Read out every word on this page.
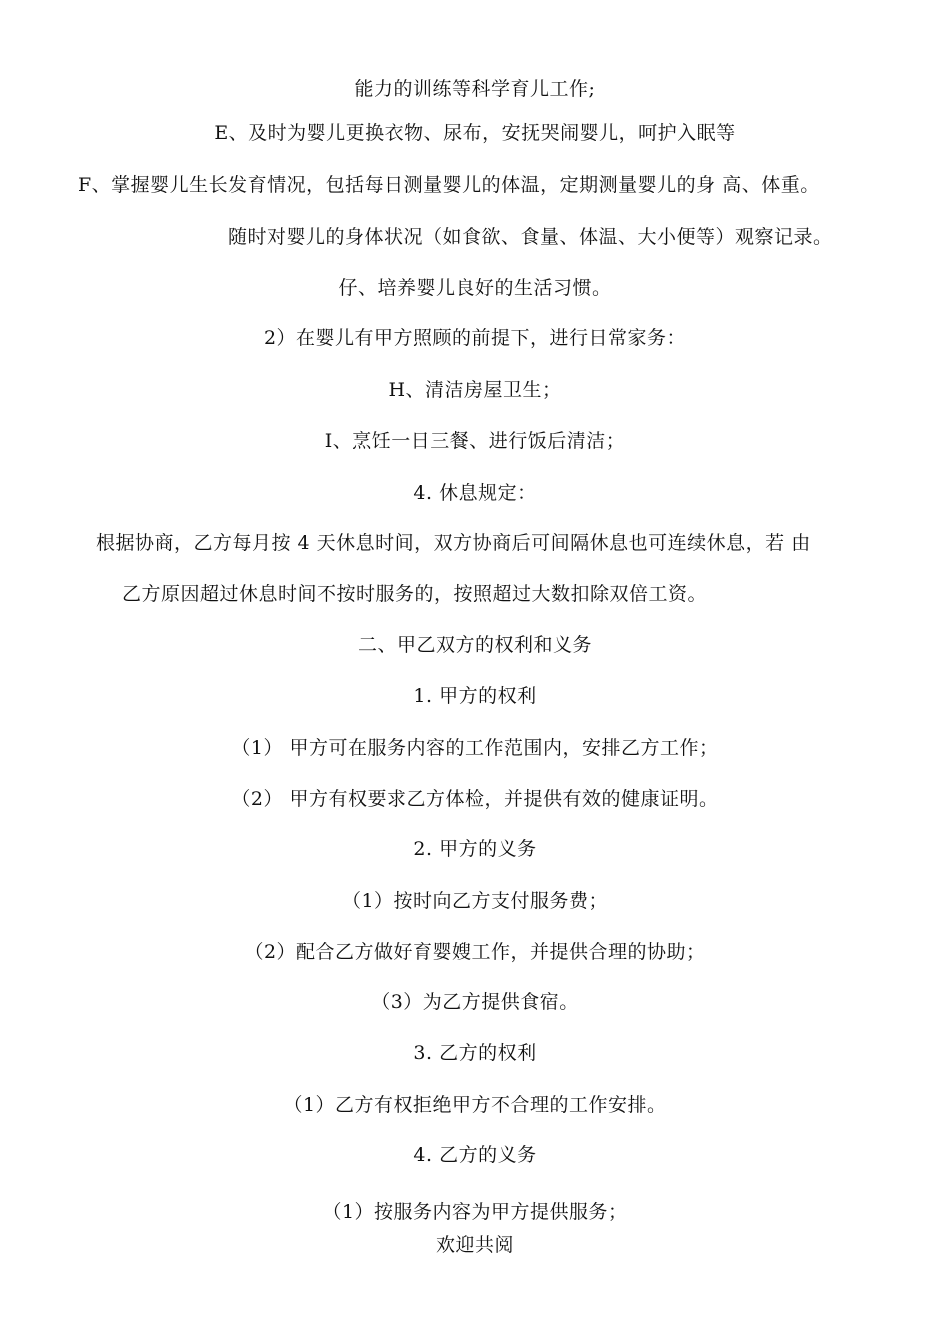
能力的训练等科学育儿工作;
E、及时为婴儿更换衣物、尿布，安抚哭闹婴儿，呵护入眠等
F、掌握婴儿生长发育情况，包括每日测量婴儿的体温，定期测量婴儿的身 高、体重。
随时对婴儿的身体状况（如食欲、食量、体温、大小便等）观察记录。
仔、培养婴儿良好的生活习惯。
2）在婴儿有甲方照顾的前提下，进行日常家务：
H、清洁房屋卫生；
I、烹饪一日三餐、进行饭后清洁；
4. 休息规定：
根据协商，乙方每月按 4 天休息时间，双方协商后可间隔休息也可连续休息，若 由
乙方原因超过休息时间不按时服务的，按照超过大数扣除双倍工资。
二、甲乙双方的权利和义务
1. 甲方的权利
（1） 甲方可在服务内容的工作范围内，安排乙方工作；
（2） 甲方有权要求乙方体检，并提供有效的健康证明。
2. 甲方的义务
（1）按时向乙方支付服务费；
（2）配合乙方做好育婴嫂工作，并提供合理的协助；
（3）为乙方提供食宿。
3. 乙方的权利
（1）乙方有权拒绝甲方不合理的工作安排。
4. 乙方的义务
（1）按服务内容为甲方提供服务；
欢迎共阅
